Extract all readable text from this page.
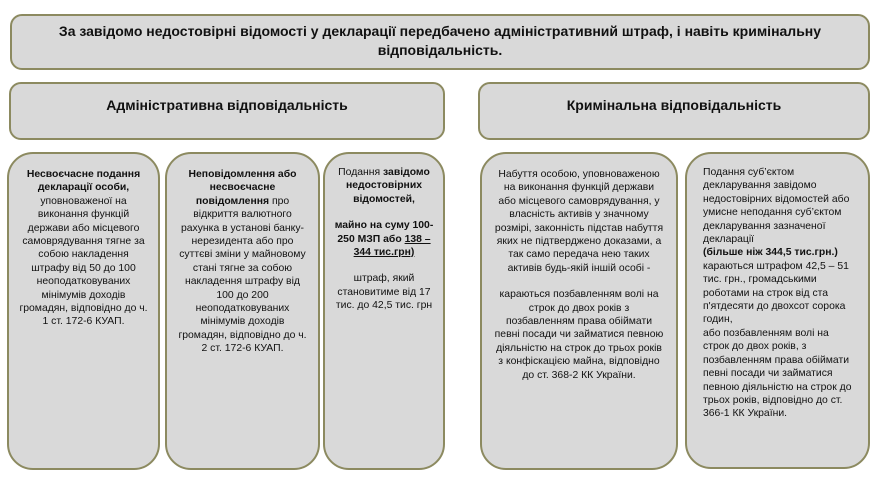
За завідомо недостовірні відомості у декларації передбачено адміністративний штраф, і навіть кримінальну відповідальність.
Адміністративна відповідальність	Кримінальна відповідальність

Несвоєчасне подання декларації особи, уповноваженої на виконання функцій держави або місцевого самоврядування тягне за собою накладення штрафу від 50 до 100 неоподатковуваних мінімумів доходів громадян, відповідно до ч. 1 ст. 172-6 КУАП.

Неповідомлення або несвоєчасне повідомлення про відкриття валютного рахунка в установі банку-нерезидента або про суттєві зміни у майновому стані тягне за собою накладення штрафу від 100 до 200 неоподатковуваних мінімумів доходів громадян, відповідно до ч. 2 ст. 172-6 КУАП.

Подання завідомо недостовірних відомостей,

майно на суму 100-250 МЗП або 138 – 344 тис.грн)

штраф, який становитиме від 17 тис. до 42,5 тис. грн

Набуття особою, уповноваженою на виконання функцій держави або місцевого самоврядування, у власність активів у значному розмірі, законність підстав набуття яких не підтверджено доказами, а так само передача нею таких активів будь-якій іншій особі -

караються позбавленням волі на строк до двох років з позбавленням права обіймати певні посади чи займатися певною діяльністю на строк до трьох років з конфіскацією майна, відповідно до ст. 368-2 КК України.

Подання суб’єктом декларування завідомо недостовірних відомостей або умисне неподання суб’єктом декларування зазначеної декларації

(більше ніж 344,5 тис.грн.)

караються штрафом 42,5 – 51 тис. грн., громадськими роботами на строк від ста п'ятдесяти до двохсот сорока годин,

або позбавленням волі на строк до двох років, з позбавленням права обіймати певні посади чи займатися певною діяльністю на строк до трьох років, відповідно до ст. 366-1 КК України.
